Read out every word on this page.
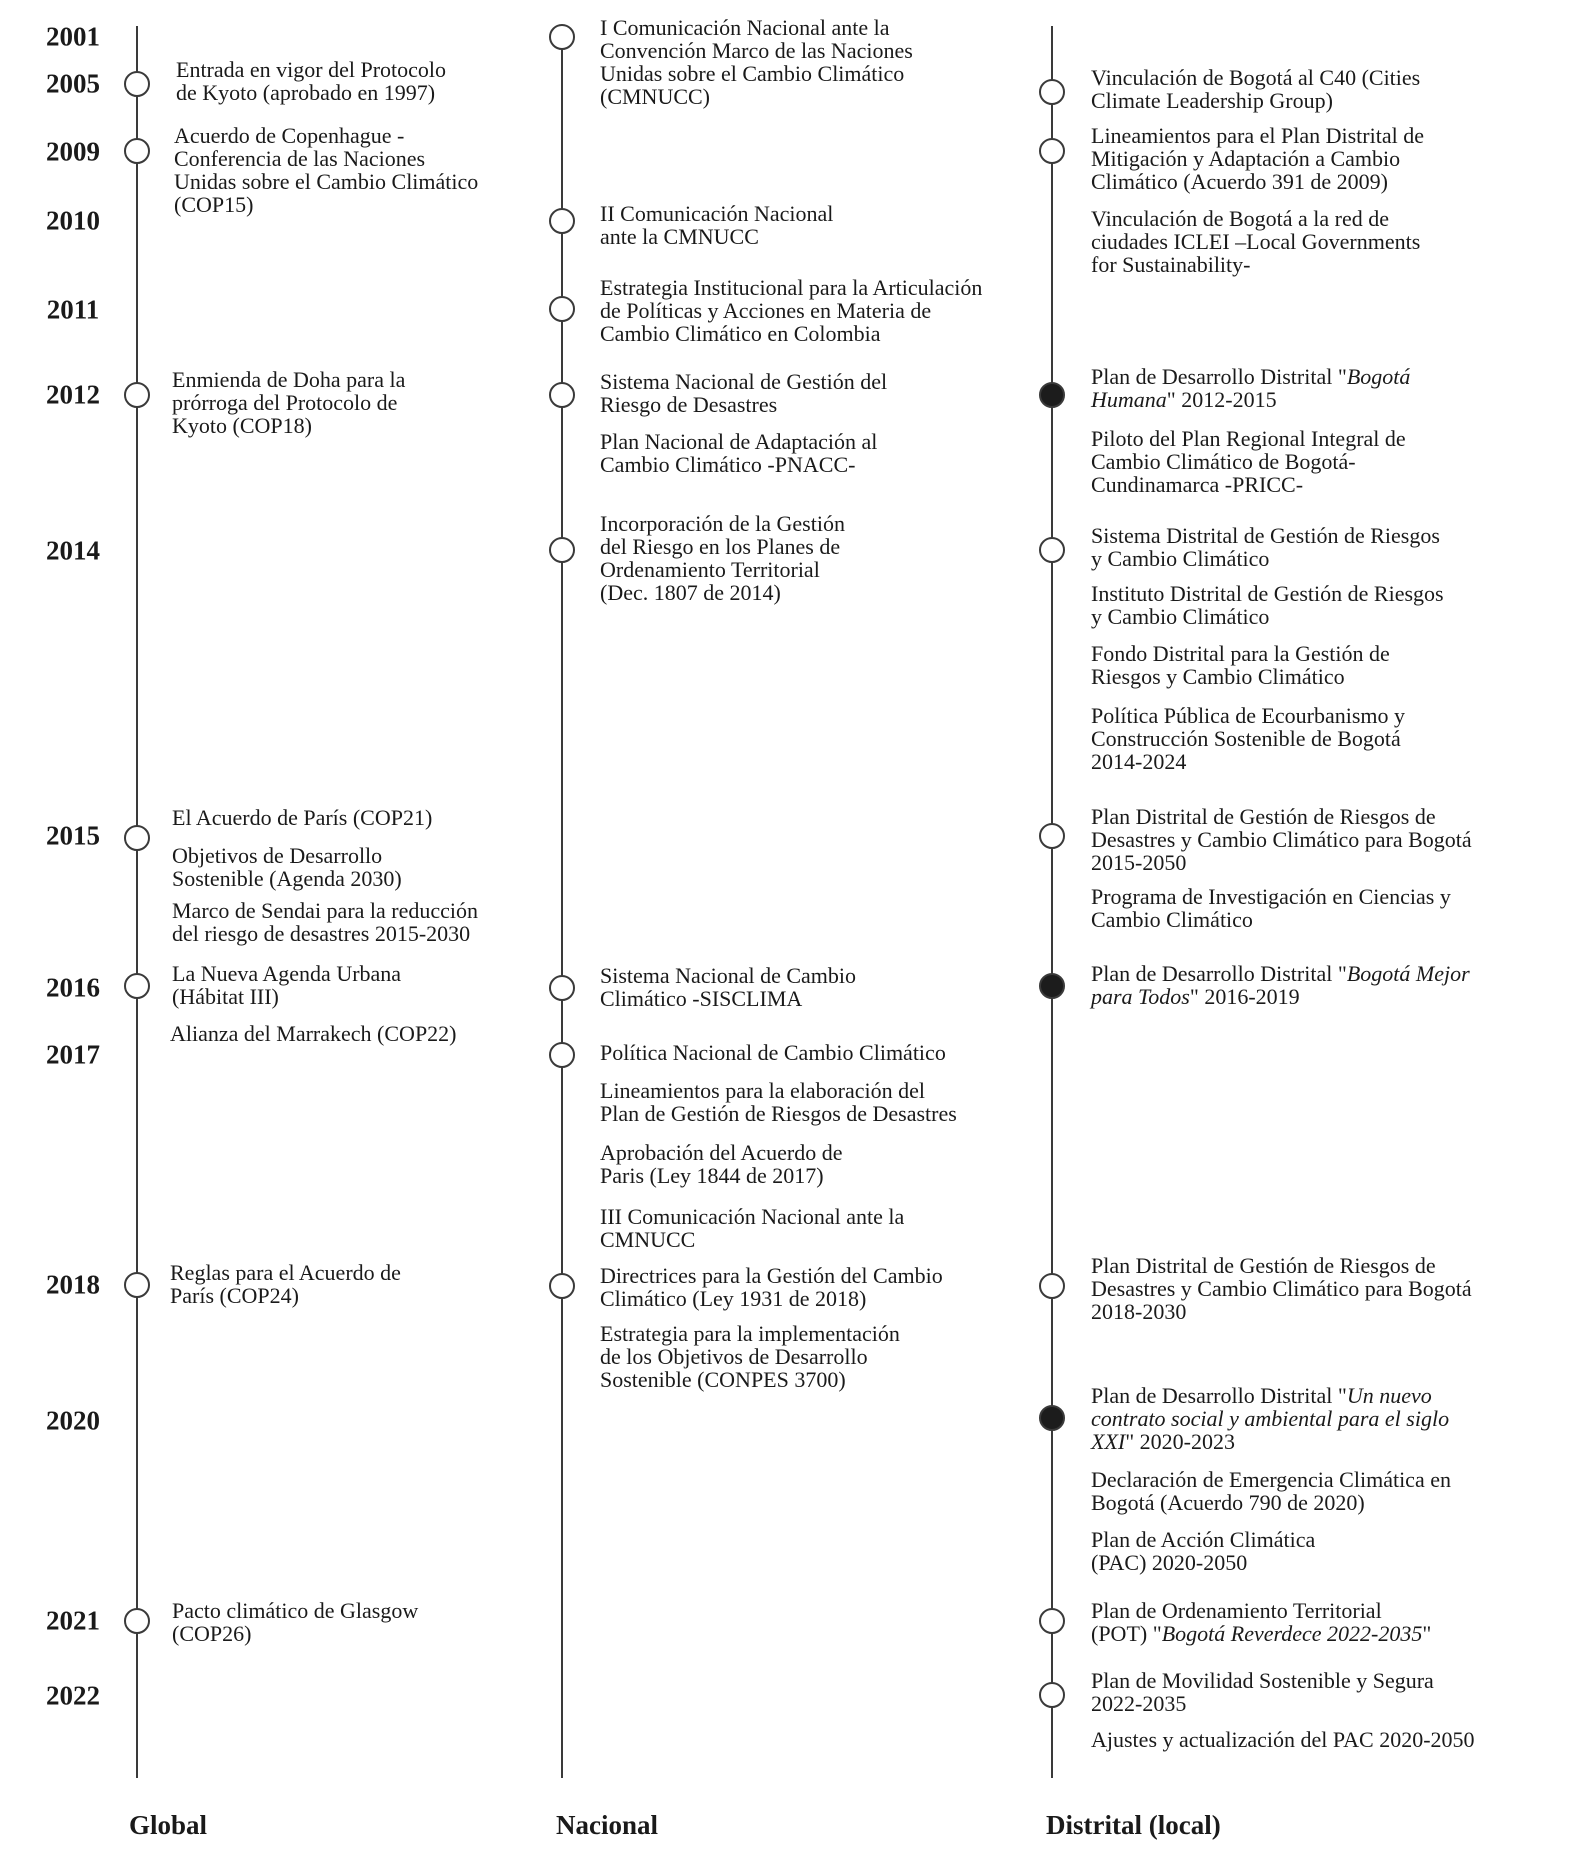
2001
2005
2009
2010
2011
2012
2014
2015
2016
2017
2018
2020
2021
2022
Entrada en vigor del Protocolo
de Kyoto (aprobado en 1997)
Acuerdo de Copenhague -
Conferencia de las Naciones
Unidas sobre el Cambio Climático
(COP15)
Enmienda de Doha para la
prórroga del Protocolo de
Kyoto (COP18)
El Acuerdo de París (COP21)
Objetivos de Desarrollo
Sostenible (Agenda 2030)
Marco de Sendai para la reducción
del riesgo de desastres 2015-2030
La Nueva Agenda Urbana
(Hábitat III)
Alianza del Marrakech (COP22)
Reglas para el Acuerdo de
París (COP24)
Pacto climático de Glasgow
(COP26)
I Comunicación Nacional ante la
Convención Marco de las Naciones
Unidas sobre el Cambio Climático
(CMNUCC)
II Comunicación Nacional
ante la CMNUCC
Estrategia Institucional para la Articulación
de Políticas y Acciones en Materia de
Cambio Climático en Colombia
Sistema Nacional de Gestión del
Riesgo de Desastres
Plan Nacional de Adaptación al
Cambio Climático -PNACC-
Incorporación de la Gestión
del Riesgo en los Planes de
Ordenamiento Territorial
(Dec. 1807 de 2014)
Sistema Nacional de Cambio
Climático -SISCLIMA
Política Nacional de Cambio Climático
Lineamientos para la elaboración del
Plan de Gestión de Riesgos de Desastres
Aprobación del Acuerdo de
Paris (Ley 1844 de 2017)
III Comunicación Nacional ante la
CMNUCC
Directrices para la Gestión del Cambio
Climático (Ley 1931 de 2018)
Estrategia para la implementación
de los Objetivos de Desarrollo
Sostenible (CONPES 3700)
Vinculación de Bogotá al C40 (Cities
Climate Leadership Group)
Lineamientos para el Plan Distrital de
Mitigación y Adaptación a Cambio
Climático (Acuerdo 391 de 2009)
Vinculación de Bogotá a la red de
ciudades ICLEI –Local Governments
for Sustainability-
Plan de Desarrollo Distrital "Bogotá
Humana" 2012-2015
Piloto del Plan Regional Integral de
Cambio Climático de Bogotá-
Cundinamarca -PRICC-
Sistema Distrital de Gestión de Riesgos
y Cambio Climático
Instituto Distrital de Gestión de Riesgos
y Cambio Climático
Fondo Distrital para la Gestión de
Riesgos y Cambio Climático
Política Pública de Ecourbanismo y
Construcción Sostenible de Bogotá
2014-2024
Plan Distrital de Gestión de Riesgos de
Desastres y Cambio Climático para Bogotá
2015-2050
Programa de Investigación en Ciencias y
Cambio Climático
Plan de Desarrollo Distrital "Bogotá Mejor
para Todos" 2016-2019
Plan Distrital de Gestión de Riesgos de
Desastres y Cambio Climático para Bogotá
2018-2030
Plan de Desarrollo Distrital "Un nuevo
contrato social y ambiental para el siglo
XXI" 2020-2023
Declaración de Emergencia Climática en
Bogotá (Acuerdo 790 de 2020)
Plan de Acción Climática
(PAC) 2020-2050
Plan de Ordenamiento Territorial
(POT) "Bogotá Reverdece 2022-2035"
Plan de Movilidad Sostenible y Segura
2022-2035
Ajustes y actualización del PAC 2020-2050
Global	Nacional	Distrital (local)
